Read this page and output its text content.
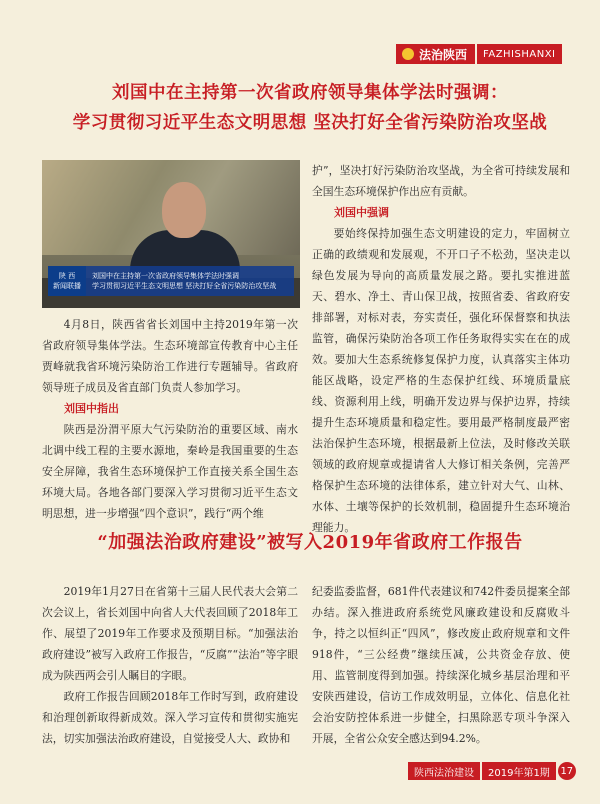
法治陕西	FAZHISHANXI
刘国中在主持第一次省政府领导集体学法时强调：
学习贯彻习近平生态文明思想 坚决打好全省污染防治攻坚战
陕 西
新闻联播
刘国中在主持第一次省政府领导集体学法时强调
学习贯彻习近平生态文明思想 坚决打好全省污染防治攻坚战

4月8日，陕西省省长刘国中主持2019年第一次省政府领导集体学法。生态环境部宣传教育中心主任贾峰就我省环境污染防治工作进行专题辅导。省政府领导班子成员及省直部门负责人参加学习。

刘国中指出

陕西是汾渭平原大气污染防治的重要区域、南水北调中线工程的主要水源地，秦岭是我国重要的生态安全屏障，我省生态环境保护工作直接关系全国生态环境大局。各地各部门要深入学习贯彻习近平生态文明思想，进一步增强“四个意识”，践行“两个维

护”，坚决打好污染防治攻坚战，为全省可持续发展和全国生态环境保护作出应有贡献。

刘国中强调

要始终保持加强生态文明建设的定力，牢固树立正确的政绩观和发展观，不开口子不松劲，坚决走以绿色发展为导向的高质量发展之路。要扎实推进蓝天、碧水、净土、青山保卫战，按照省委、省政府安排部署，对标对表，夯实责任，强化环保督察和执法监管，确保污染防治各项工作任务取得实实在在的成效。要加大生态系统修复保护力度，认真落实主体功能区战略，设定严格的生态保护红线、环境质量底线、资源利用上线，明确开发边界与保护边界，持续提升生态环境质量和稳定性。要用最严格制度最严密法治保护生态环境，根据最新上位法，及时修改关联领域的政府规章或提请省人大修订相关条例，完善严格保护生态环境的法律体系，建立针对大气、山林、水体、土壤等保护的长效机制，稳固提升生态环境治理能力。

“加强法治政府建设”被写入2019年省政府工作报告

2019年1月27日在省第十三届人民代表大会第二次会议上，省长刘国中向省人大代表回顾了2018年工作、展望了2019年工作要求及预期目标。“加强法治政府建设”被写入政府工作报告，“反腐”“法治”等字眼成为陕西两会引人瞩目的字眼。

政府工作报告回顾2018年工作时写到，政府建设和治理创新取得新成效。深入学习宣传和贯彻实施宪法，切实加强法治政府建设，自觉接受人大、政协和

纪委监委监督，681件代表建议和742件委员提案全部办结。深入推进政府系统党风廉政建设和反腐败斗争，持之以恒纠正“四风”，修改废止政府规章和文件918件，“三公经费”继续压减，公共资金存放、使用、监管制度得到加强。持续深化城乡基层治理和平安陕西建设，信访工作成效明显，立体化、信息化社会治安防控体系进一步健全，扫黑除恶专项斗争深入开展，全省公众安全感达到94.2%。

陕西法治建设	2019年第1期	17
